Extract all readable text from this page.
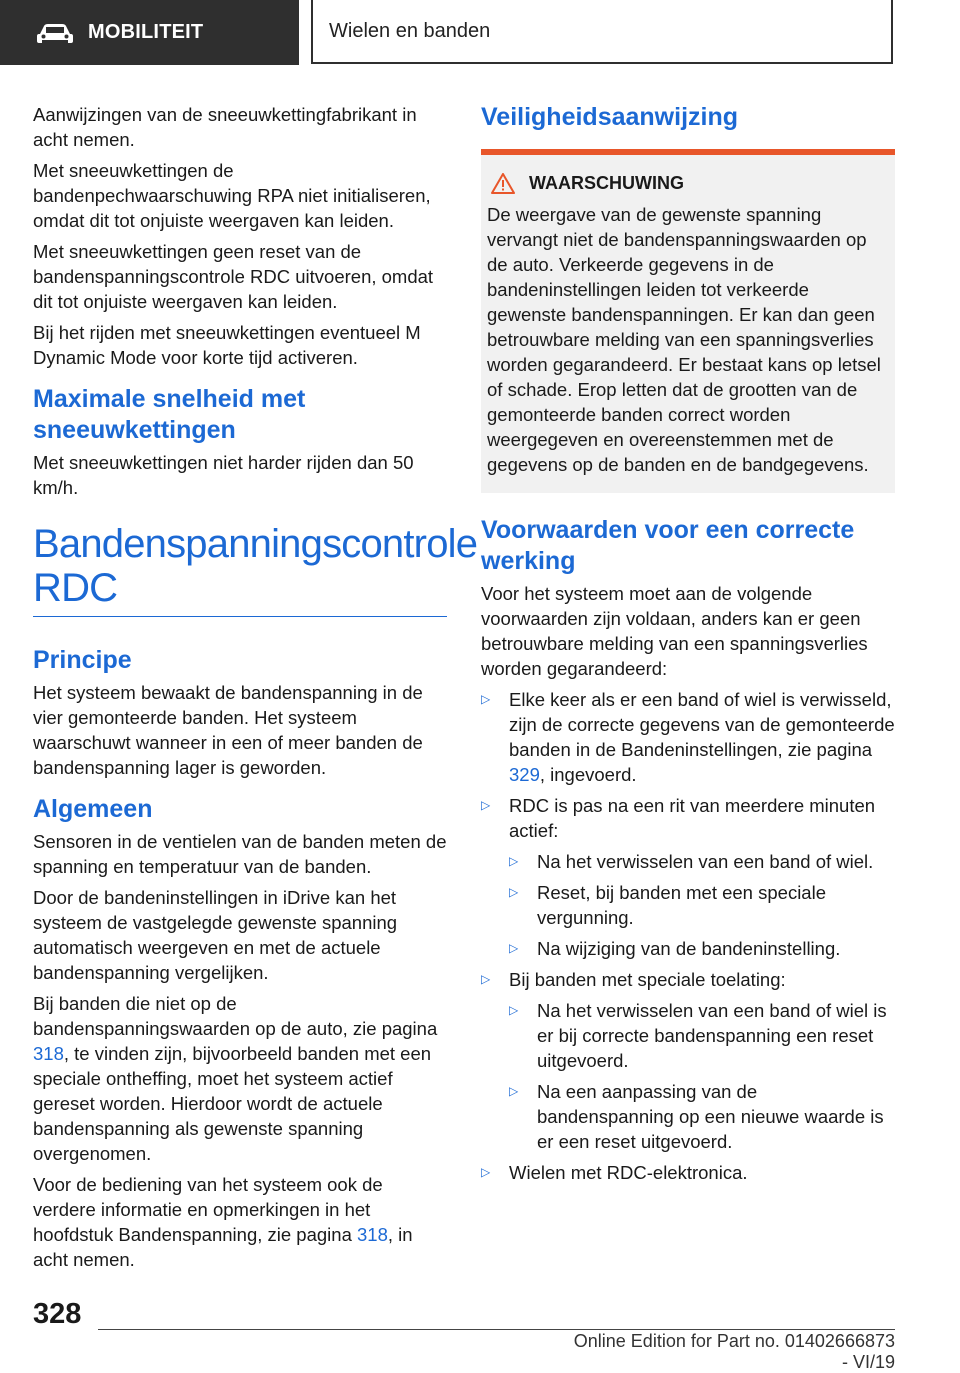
MOBILITEIT	Wielen en banden

Aanwijzingen van de sneeuwkettingfabrikant in acht nemen.

Met sneeuwkettingen de bandenpechwaarschuwing RPA niet initialiseren, omdat dit tot onjuiste weergaven kan leiden.

Met sneeuwkettingen geen reset van de bandenspanningscontrole RDC uitvoeren, omdat dit tot onjuiste weergaven kan leiden.

Bij het rijden met sneeuwkettingen eventueel M Dynamic Mode voor korte tijd activeren.

Maximale snelheid met sneeuwkettingen

Met sneeuwkettingen niet harder rijden dan 50 km/h.

Bandenspanningscontrole RDC
Principe

Het systeem bewaakt de bandenspanning in de vier gemonteerde banden. Het systeem waarschuwt wanneer in een of meer banden de bandenspanning lager is geworden.

Algemeen

Sensoren in de ventielen van de banden meten de spanning en temperatuur van de banden.

Door de bandeninstellingen in iDrive kan het systeem de vastgelegde gewenste spanning automatisch weergeven en met de actuele bandenspanning vergelijken.

Bij banden die niet op de bandenspanningswaarden op de auto, zie pagina 318, te vinden zijn, bijvoorbeeld banden met een speciale ontheffing, moet het systeem actief gereset worden. Hierdoor wordt de actuele bandenspanning als gewenste spanning overgenomen.

Voor de bediening van het systeem ook de verdere informatie en opmerkingen in het hoofdstuk Bandenspanning, zie pagina 318, in acht nemen.

Veiligheidsaanwijzing
WAARSCHUWING

De weergave van de gewenste spanning vervangt niet de bandenspanningswaarden op de auto. Verkeerde gegevens in de bandeninstellingen leiden tot verkeerde gewenste bandenspanningen. Er kan dan geen betrouwbare melding van een spanningsverlies worden gegarandeerd. Er bestaat kans op letsel of schade. Erop letten dat de grootten van de gemonteerde banden correct worden weergegeven en overeenstemmen met de gegevens op de banden en de bandgegevens.

Voorwaarden voor een correcte werking

Voor het systeem moet aan de volgende voorwaarden zijn voldaan, anders kan er geen betrouwbare melding van een spanningsverlies worden gegarandeerd:

▷	Elke keer als er een band of wiel is verwisseld, zijn de correcte gegevens van de gemonteerde banden in de Bandeninstellingen, zie pagina 329, ingevoerd.
▷	RDC is pas na een rit van meerdere minuten actief:
▷	Na het verwisselen van een band of wiel.
▷	Reset, bij banden met een speciale vergunning.
▷	Na wijziging van de bandeninstelling.
▷	Bij banden met speciale toelating:
▷	Na het verwisselen van een band of wiel is er bij correcte bandenspanning een reset uitgevoerd.
▷	Na een aanpassing van de bandenspanning op een nieuwe waarde is er een reset uitgevoerd.
▷	Wielen met RDC-elektronica.
328
Online Edition for Part no. 01402666873 - VI/19
